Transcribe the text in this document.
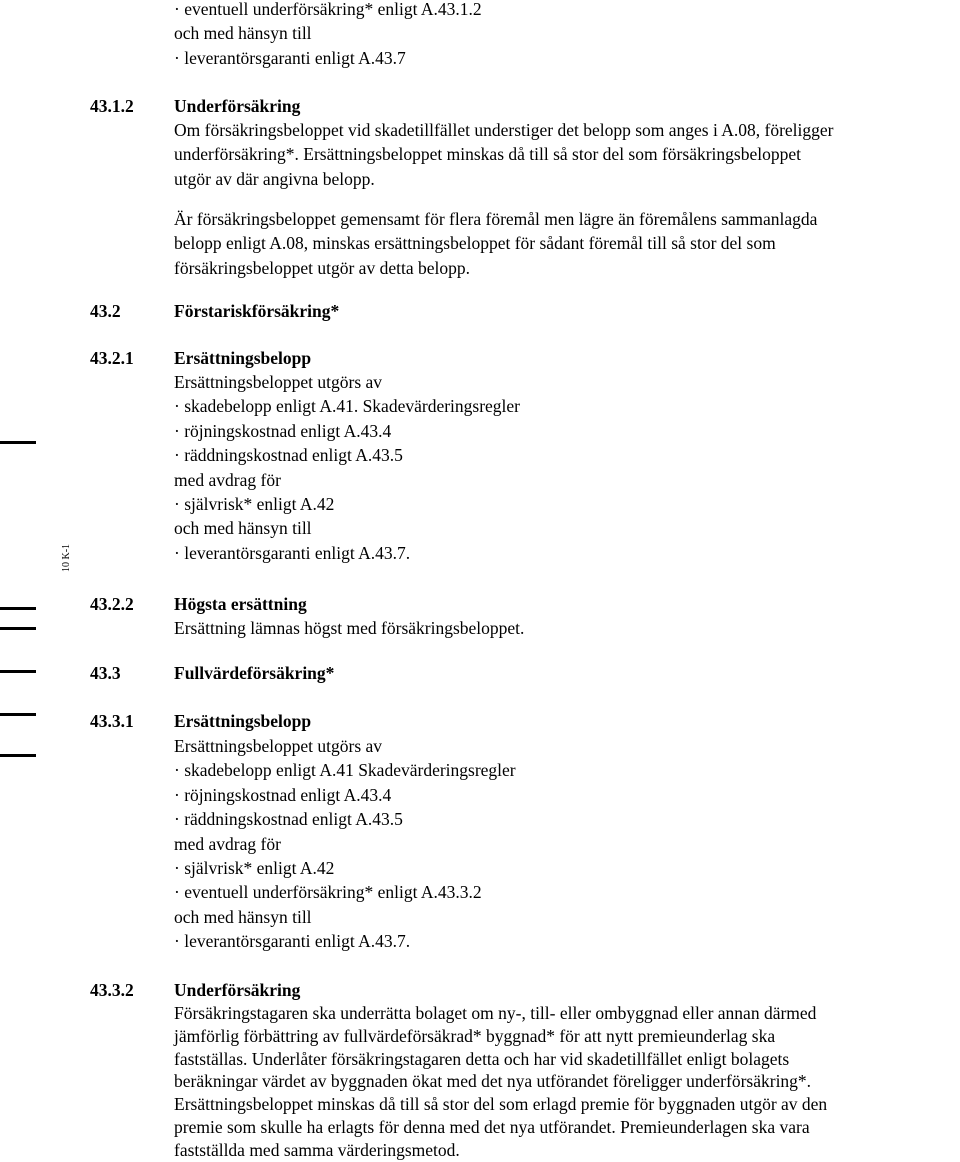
10 K-1
· eventuell underförsäkring* enligt A.43.1.2
och med hänsyn till
· leverantörsgaranti enligt A.43.7
43.1.2 Underförsäkring
Om försäkringsbeloppet vid skadetillfället understiger det belopp som anges i A.08, föreligger
underförsäkring*. Ersättningsbeloppet minskas då till så stor del som försäkringsbeloppet
utgör av där angivna belopp.
Är försäkringsbeloppet gemensamt för flera föremål men lägre än föremålens sammanlagda
belopp enligt A.08, minskas ersättningsbeloppet för sådant föremål till så stor del som
försäkringsbeloppet utgör av detta belopp.
43.2	Förstariskförsäkring*
43.2.1 Ersättningsbelopp
Ersättningsbeloppet utgörs av
· skadebelopp enligt A.41. Skadevärderingsregler
· röjningskostnad enligt A.43.4
· räddningskostnad enligt A.43.5
med avdrag för
· självrisk* enligt A.42
och med hänsyn till
· leverantörsgaranti enligt A.43.7.
43.2.2 Högsta ersättning
Ersättning lämnas högst med försäkringsbeloppet.
43.3	Fullvärdeförsäkring*
43.3.1 Ersättningsbelopp
Ersättningsbeloppet utgörs av
· skadebelopp enligt A.41 Skadevärderingsregler
· röjningskostnad enligt A.43.4
· räddningskostnad enligt A.43.5
med avdrag för
· självrisk* enligt A.42
· eventuell underförsäkring* enligt A.43.3.2
och med hänsyn till
· leverantörsgaranti enligt A.43.7.
43.3.2 Underförsäkring
Försäkringstagaren ska underrätta bolaget om ny-, till- eller ombyggnad eller annan därmed
jämförlig förbättring av fullvärdeförsäkrad* byggnad* för att nytt premieunderlag ska
fastställas. Underlåter försäkringstagaren detta och har vid skadetillfället enligt bolagets
beräkningar värdet av byggnaden ökat med det nya utförandet föreligger underförsäkring*.
Ersättningsbeloppet minskas då till så stor del som erlagd premie för byggnaden utgör av den
premie som skulle ha erlagts för denna med det nya utförandet. Premieunderlagen ska vara
fastställda med samma värderingsmetod.
